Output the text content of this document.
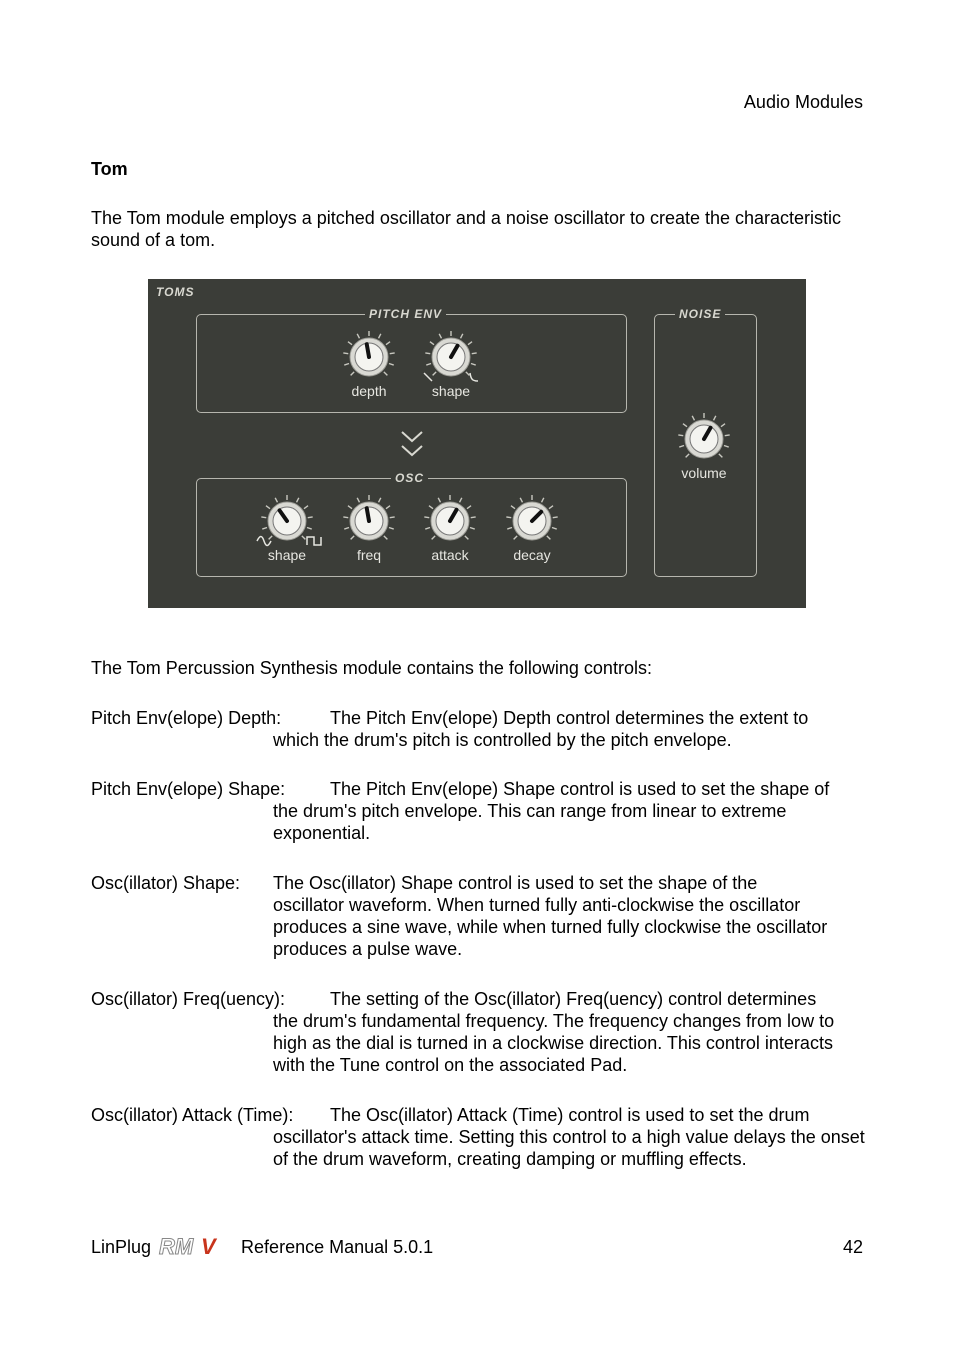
Audio Modules
Tom
The Tom module employs a pitched oscillator and a noise oscillator to create the characteristic sound of a tom.
TOMS
PITCH ENV
depth	shape
OSC
shape	freq	attack	decay
NOISE
volume
The Tom Percussion Synthesis module contains the following controls:
Pitch Env(elope) Depth:	The Pitch Env(elope) Depth control determines the extent to
which the drum's pitch is controlled by the pitch envelope.
Pitch Env(elope) Shape: The Pitch Env(elope) Shape control is used to set the shape of
the drum's pitch envelope. This can range from linear to extreme exponential.
Osc(illator) Shape: The Osc(illator) Shape control is used to set the shape of the
oscillator waveform. When turned fully anti-clockwise the oscillator produces a sine wave, while when turned fully clockwise the oscillator produces a pulse wave.
Osc(illator) Freq(uency): The setting of the Osc(illator) Freq(uency) control determines
the drum's fundamental frequency. The frequency changes from low to high as the dial is turned in a clockwise direction. This control interacts with the Tune control on the associated Pad.
Osc(illator) Attack (Time): The Osc(illator) Attack (Time) control is used to set the drum
oscillator's attack time. Setting this control to a high value delays the onset of the drum waveform, creating damping or muffling effects.
LinPlug RM V Reference Manual 5.0.1	42
